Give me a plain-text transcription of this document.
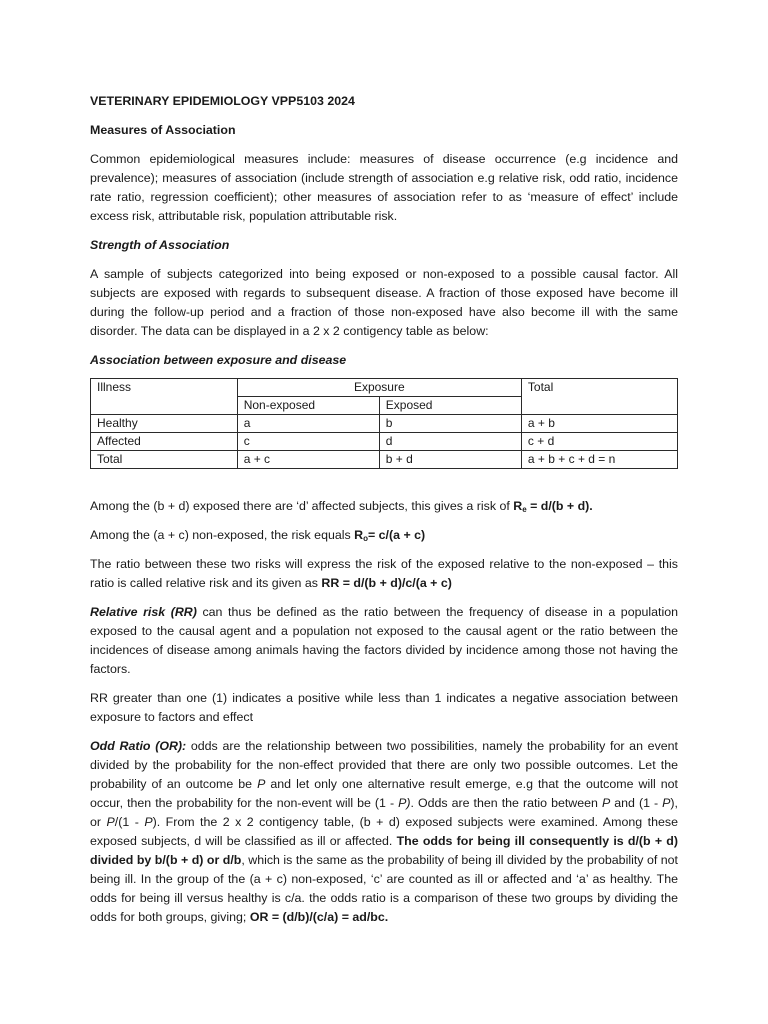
VETERINARY EPIDEMIOLOGY VPP5103 2024

Measures of Association

Common epidemiological measures include: measures of disease occurrence (e.g incidence and prevalence); measures of association (include strength of association e.g relative risk, odd ratio, incidence rate ratio, regression coefficient); other measures of association refer to as ‘measure of effect’ include excess risk, attributable risk, population attributable risk.

Strength of Association

A sample of subjects categorized into being exposed or non-exposed to a possible causal factor. All subjects are exposed with regards to subsequent disease. A fraction of those exposed have become ill during the follow-up period and a fraction of those non-exposed have also become ill with the same disorder. The data can be displayed in a 2 x 2 contigency table as below:

Association between exposure and disease

Illness	Exposure		Total
	Non-exposed	Exposed	
Healthy	a	b	a + b
Affected	c	d	c + d
Total	a + c	b + d	a + b + c + d = n

Among the (b + d) exposed there are ‘d’ affected subjects, this gives a risk of $R_e = d/(b + d)$.

Among the (a + c) non-exposed, the risk equals $R_o= c/(a + c)$

The ratio between these two risks will express the risk of the exposed relative to the non-exposed – this ratio is called relative risk and its given as RR = d/(b + d)/c/(a + c)

Relative risk (RR) can thus be defined as the ratio between the frequency of disease in a population exposed to the causal agent and a population not exposed to the causal agent or the ratio between the incidences of disease among animals having the factors divided by incidence among those not having the factors.

RR greater than one (1) indicates a positive while less than 1 indicates a negative association between exposure to factors and effect

Odd Ratio (OR): odds are the relationship between two possibilities, namely the probability for an event divided by the probability for the non-effect provided that there are only two possible outcomes. Let the probability of an outcome be P and let only one alternative result emerge, e.g that the outcome will not occur, then the probability for the non-event will be (1 - P). Odds are then the ratio between P and (1 - P), or P/(1 - P). From the 2 x 2 contigency table, (b + d) exposed subjects were examined. Among these exposed subjects, d will be classified as ill or affected. The odds for being ill consequently is d/(b + d) divided by b/(b + d) or d/b, which is the same as the probability of being ill divided by the probability of not being ill. In the group of the (a + c) non-exposed, ‘c’ are counted as ill or affected and ‘a’ as healthy. The odds for being ill versus healthy is c/a. the odds ratio is a comparison of these two groups by dividing the odds for both groups, giving; OR = (d/b)/(c/a) = ad/bc.
